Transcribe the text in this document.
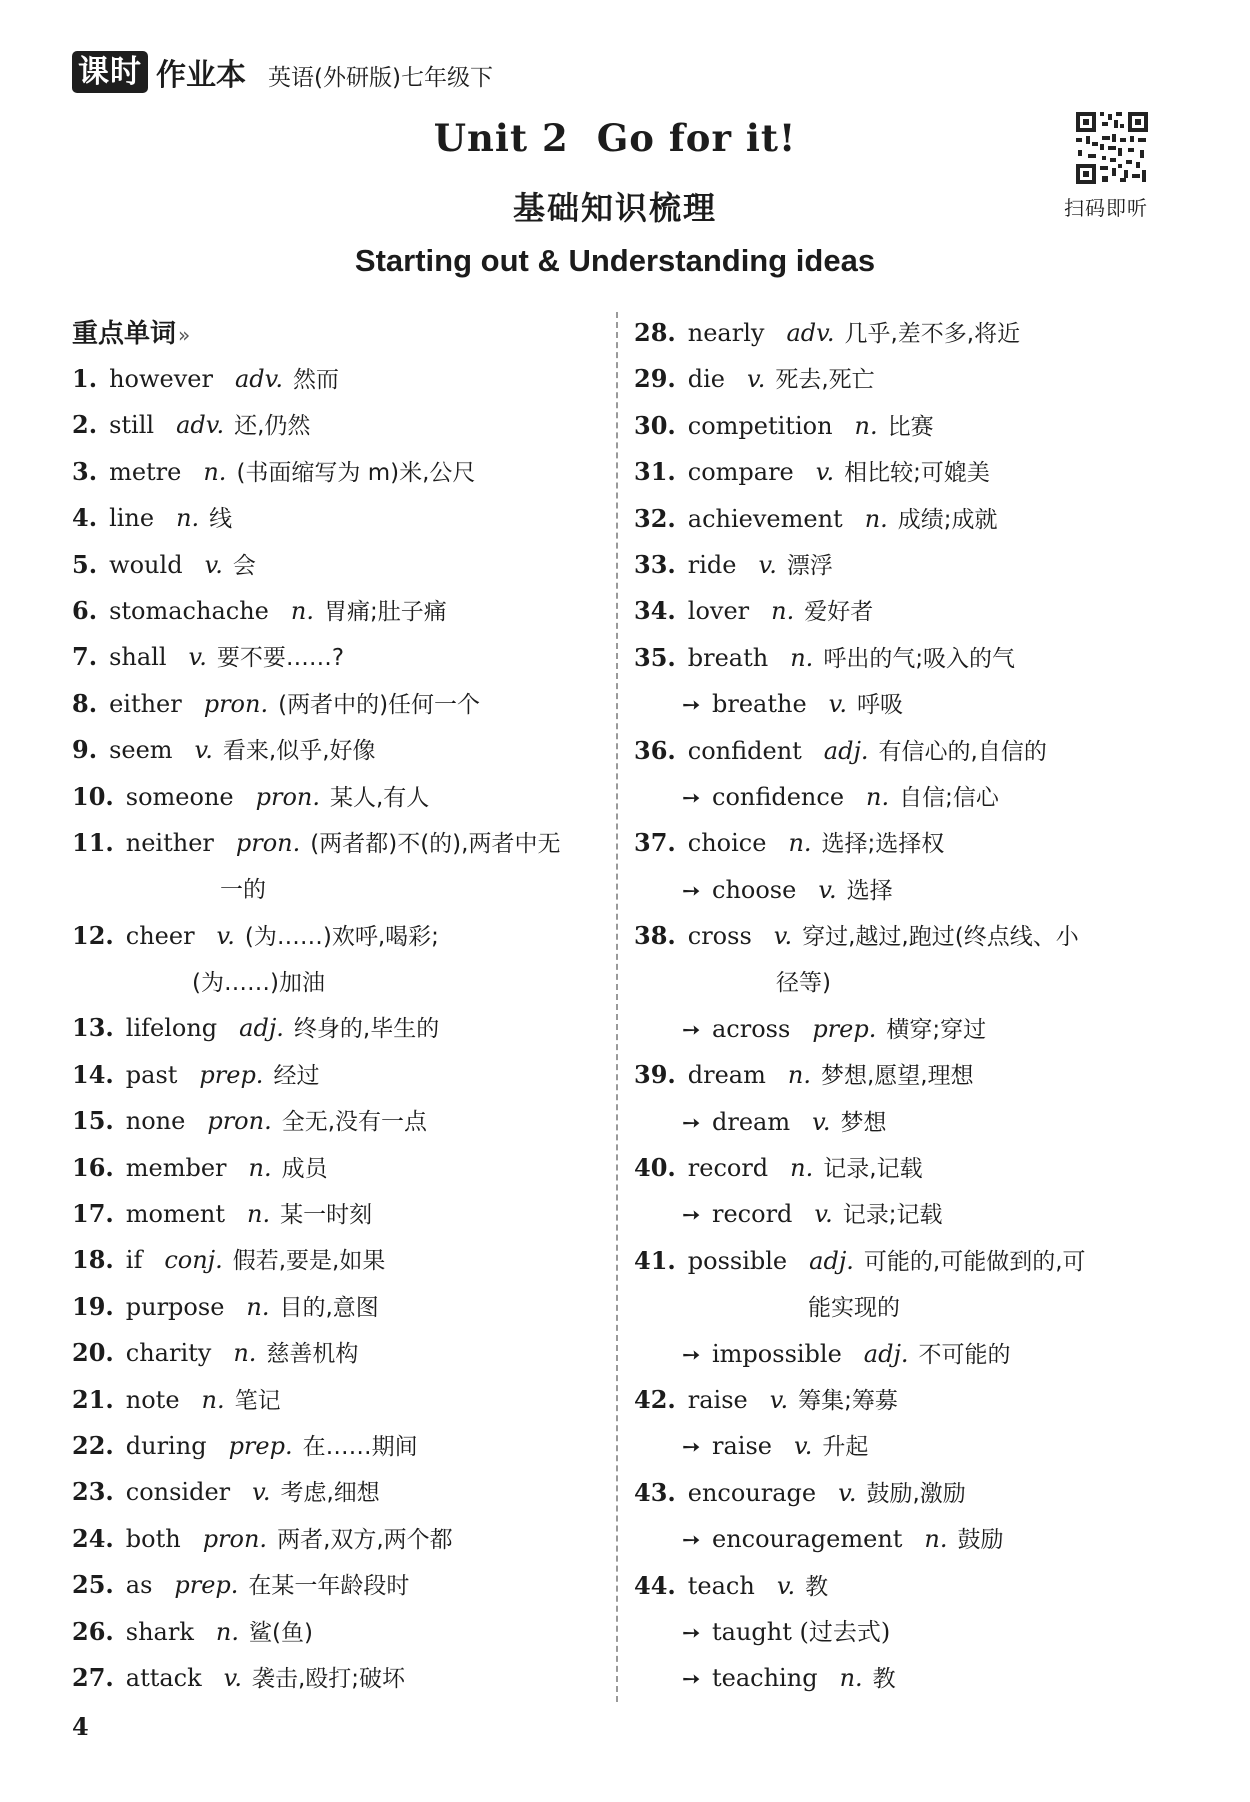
课时 作业本 英语(外研版)七年级下
Unit 2 Go for it!
基础知识梳理
Starting out & Understanding ideas
扫码即听
重点单词 »
1. however adv. 然而
2. still adv. 还,仍然
3. metre n. (书面缩写为 m)米,公尺
4. line n. 线
5. would v. 会
6. stomachache n. 胃痛;肚子痛
7. shall v. 要不要……?
8. either pron. (两者中的)任何一个
9. seem v. 看来,似乎,好像
10. someone pron. 某人,有人
11. neither pron. (两者都)不(的),两者中无
一的
12. cheer v. (为……)欢呼,喝彩;
(为……)加油
13. lifelong adj. 终身的,毕生的
14. past prep. 经过
15. none pron. 全无,没有一点
16. member n. 成员
17. moment n. 某一时刻
18. if conj. 假若,要是,如果
19. purpose n. 目的,意图
20. charity n. 慈善机构
21. note n. 笔记
22. during prep. 在……期间
23. consider v. 考虑,细想
24. both pron. 两者,双方,两个都
25. as prep. 在某一年龄段时
26. shark n. 鲨(鱼)
27. attack v. 袭击,殴打;破坏
28. nearly adv. 几乎,差不多,将近
29. die v. 死去,死亡
30. competition n. 比赛
31. compare v. 相比较;可媲美
32. achievement n. 成绩;成就
33. ride v. 漂浮
34. lover n. 爱好者
35. breath n. 呼出的气;吸入的气
➙ breathe v. 呼吸
36. confident adj. 有信心的,自信的
➙ confidence n. 自信;信心
37. choice n. 选择;选择权
➙ choose v. 选择
38. cross v. 穿过,越过,跑过(终点线、小
径等)
➙ across prep. 横穿;穿过
39. dream n. 梦想,愿望,理想
➙ dream v. 梦想
40. record n. 记录,记载
➙ record v. 记录;记载
41. possible adj. 可能的,可能做到的,可
能实现的
➙ impossible adj. 不可能的
42. raise v. 筹集;筹募
➙ raise v. 升起
43. encourage v. 鼓励,激励
➙ encouragement n. 鼓励
44. teach v. 教
➙ taught (过去式)
➙ teaching n. 教
4
